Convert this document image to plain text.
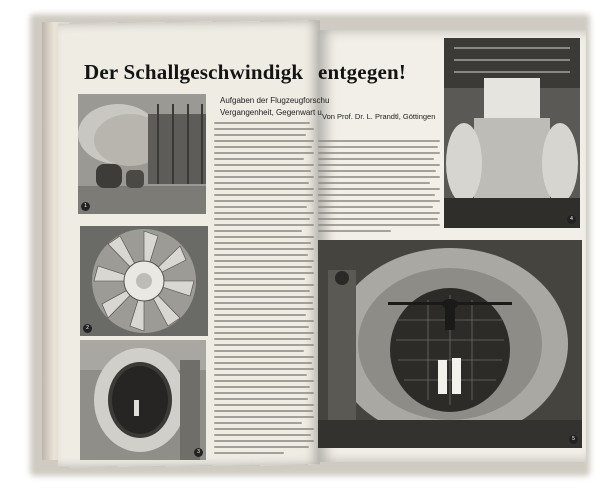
Der Schallgeschwindigk entgegen!
Aufgaben der Flugzeugforschu
Vergangenheit, Gegenwart u Von Prof. Dr. L. Prandtl, Göttingen
1
2
3
4
5
